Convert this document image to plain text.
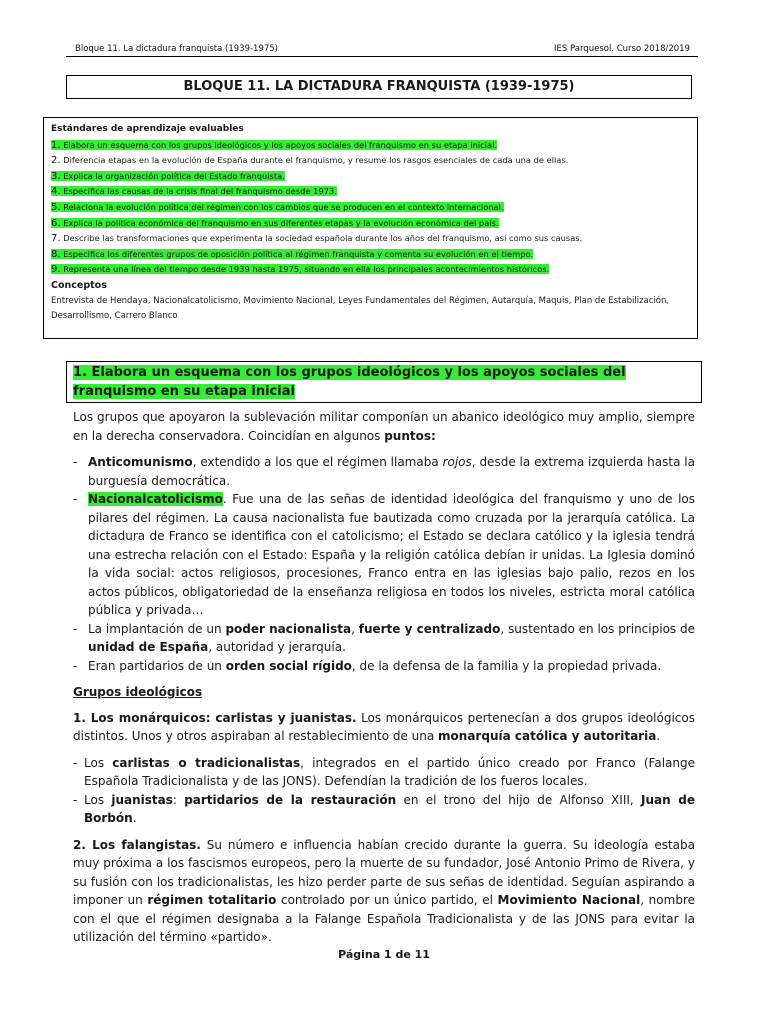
Bloque 11. La dictadura franquista (1939-1975)	IES Parquesol. Curso 2018/2019
BLOQUE 11. LA DICTADURA FRANQUISTA (1939-1975)
Estándares de aprendizaje evaluables
1. Elabora un esquema con los grupos ideológicos y los apoyos sociales del franquismo en su etapa inicial.
2. Diferencia etapas en la evolución de España durante el franquismo, y resume los rasgos esenciales de cada una de ellas.
3. Explica la organización política del Estado franquista.
4. Especifica las causas de la crisis final del franquismo desde 1973.
5. Relaciona la evolución política del régimen con los cambios que se producen en el contexto internacional.
6. Explica la política económica del franquismo en sus diferentes etapas y la evolución económica del país.
7. Describe las transformaciones que experimenta la sociedad española durante los años del franquismo, así como sus causas.
8. Especifica los diferentes grupos de oposición política al régimen franquista y comenta su evolución en el tiempo.
9. Representa una línea del tiempo desde 1939 hasta 1975, situando en ella los principales acontecimientos históricos.
Conceptos
Entrevista de Hendaya, Nacionalcatolicismo, Movimiento Nacional, Leyes Fundamentales del Régimen, Autarquía, Maquis, Plan de Estabilización, Desarrollismo, Carrero Blanco
1. Elabora un esquema con los grupos ideológicos y los apoyos sociales del franquismo en su etapa inicial

Los grupos que apoyaron la sublevación militar componían un abanico ideológico muy amplio, siempre en la derecha conservadora. Coincidían en algunos puntos:

- Anticomunismo, extendido a los que el régimen llamaba rojos, desde la extrema izquierda hasta la burguesía democrática.
- Nacionalcatolicismo. Fue una de las señas de identidad ideológica del franquismo y uno de los pilares del régimen. La causa nacionalista fue bautizada como cruzada por la jerarquía católica. La dictadura de Franco se identifica con el catolicismo; el Estado se declara católico y la iglesia tendrá una estrecha relación con el Estado: España y la religión católica debían ir unidas. La Iglesia dominó la vida social: actos religiosos, procesiones, Franco entra en las iglesias bajo palio, rezos en los actos públicos, obligatoriedad de la enseñanza religiosa en todos los niveles, estricta moral católica pública y privada…
- La implantación de un poder nacionalista, fuerte y centralizado, sustentado en los principios de unidad de España, autoridad y jerarquía.
- Eran partidarios de un orden social rígido, de la defensa de la familia y la propiedad privada.

Grupos ideológicos

1. Los monárquicos: carlistas y juanistas. Los monárquicos pertenecían a dos grupos ideológicos distintos. Unos y otros aspiraban al restablecimiento de una monarquía católica y autoritaria.

- Los carlistas o tradicionalistas, integrados en el partido único creado por Franco (Falange Española Tradicionalista y de las JONS). Defendían la tradición de los fueros locales.
- Los juanistas: partidarios de la restauración en el trono del hijo de Alfonso XIII, Juan de Borbón.

2. Los falangistas. Su número e influencia habían crecido durante la guerra. Su ideología estaba muy próxima a los fascismos europeos, pero la muerte de su fundador, José Antonio Primo de Rivera, y su fusión con los tradicionalistas, les hizo perder parte de sus señas de identidad. Seguían aspirando a imponer un régimen totalitario controlado por un único partido, el Movimiento Nacional, nombre con el que el régimen designaba a la Falange Española Tradicionalista y de las JONS para evitar la utilización del término «partido».

Página 1 de 11
